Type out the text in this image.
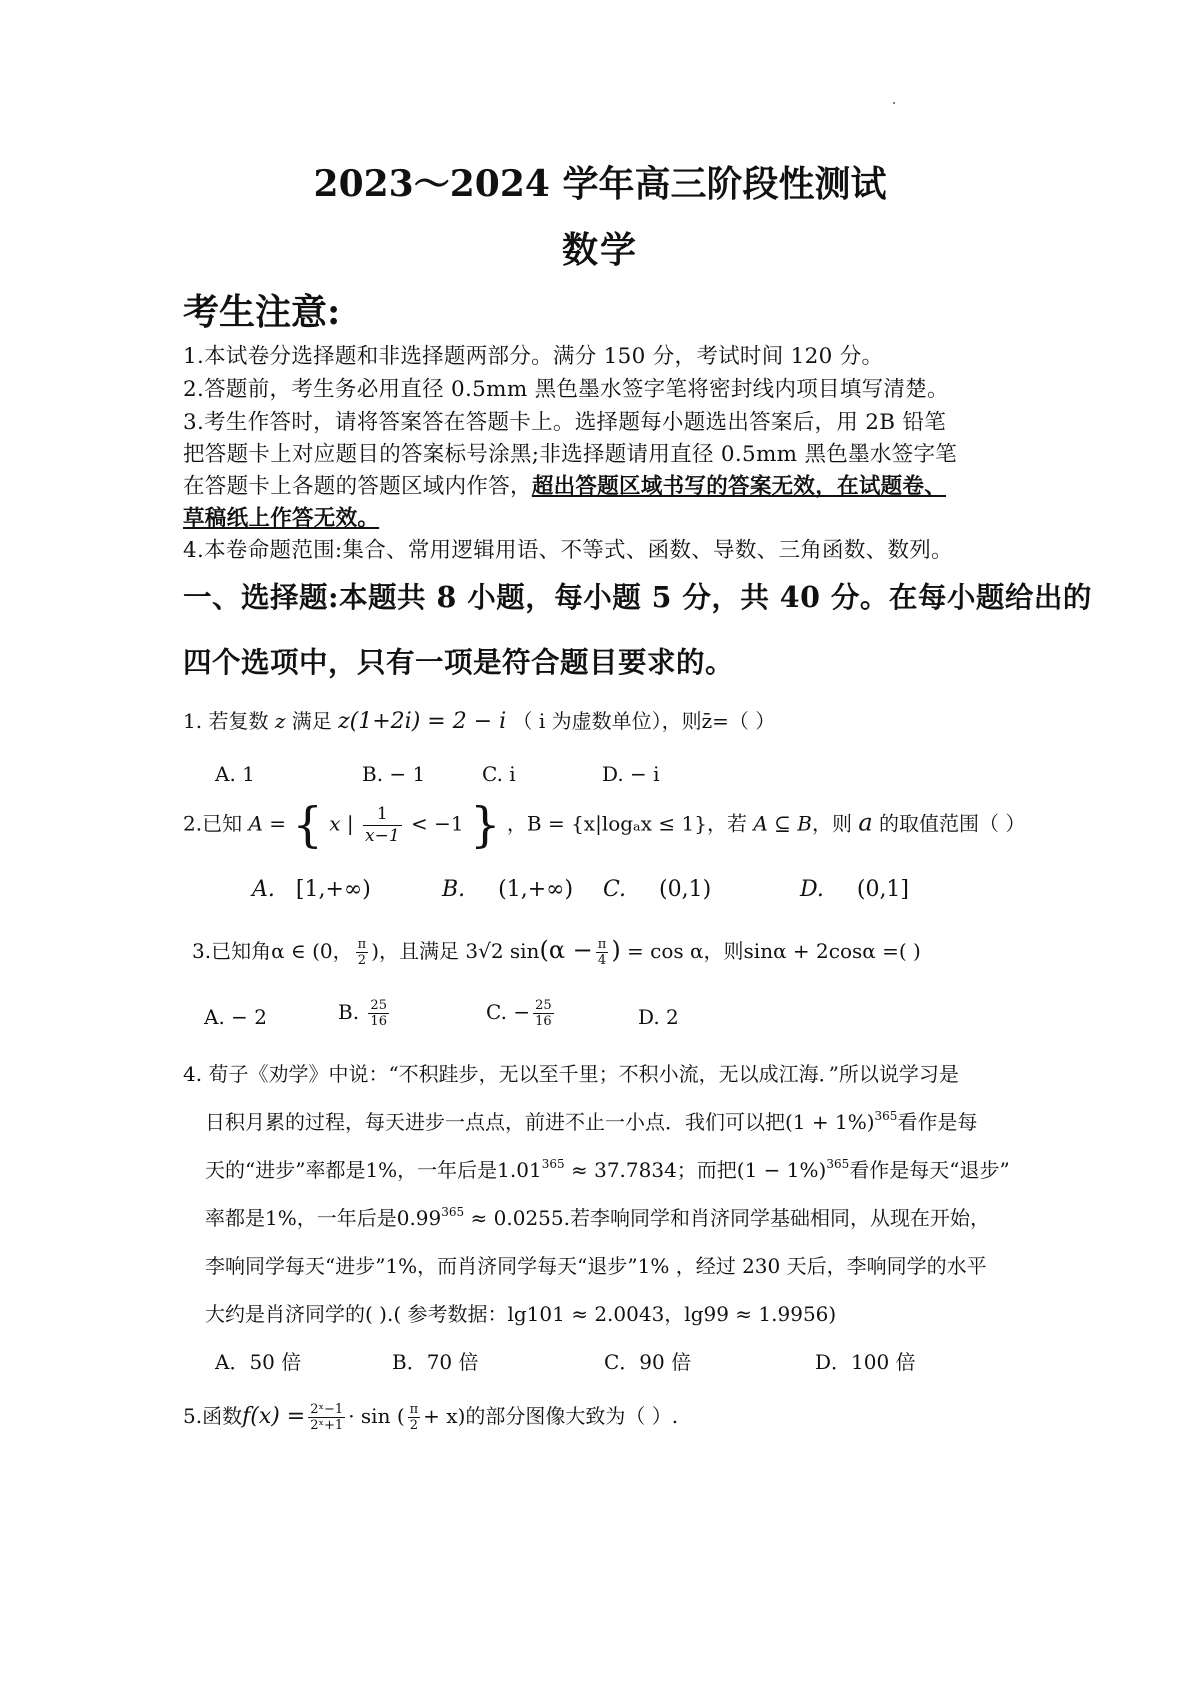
2023～2024 学年高三阶段性测试
数学
考生注意:
1.本试卷分选择题和非选择题两部分。满分 150 分，考试时间 120 分。
2.答题前，考生务必用直径 0.5mm 黑色墨水签字笔将密封线内项目填写清楚。
3.考生作答时，请将答案答在答题卡上。选择题每小题选出答案后，用 2B 铅笔
把答题卡上对应题目的答案标号涂黑;非选择题请用直径 0.5mm 黑色墨水签字笔
在答题卡上各题的答题区域内作答，超出答题区域书写的答案无效，在试题卷、
草稿纸上作答无效。
4.本卷命题范围:集合、常用逻辑用语、不等式、函数、导数、三角函数、数列。
一、选择题:本题共 8 小题，每小题 5 分，共 40 分。在每小题给出的
四个选项中，只有一项是符合题目要求的。
1. 若复数 z 满足 z(1+2i) = 2 − i （ i 为虚数单位），则z̄=（ ）
A. 1	B. − 1	C. i	D. − i
2.已知 A = { x | $\frac{1}{x-1} < -1$ } ，B = {x|logₐx ≤ 1}，若 A ⊆ B，则 a 的取值范围（ ）
A. [1,+∞)	B. (1,+∞) C. (0,1)	D. (0,1]
3.已知角α ∈ (0， $\frac{\pi}{2}$ )，且满足 3√2 $\sin(\alpha - \frac{\pi}{4}$ ) = cos α，则sinα + 2cosα =( )
A. − 2	B. $\frac{25}{16}$	C. − $\frac{25}{16}$	D. 2
4. 荀子《劝学》中说：“不积跬步，无以至千里；不积小流，无以成江海．”所以说学习是
日积月累的过程，每天进步一点点，前进不止一小点．我们可以把$(1 + 1\%)^{365}$看作是每
天的“进步”率都是1%，一年后是$1.01^{365} \approx 37.7834$；而把$(1 - 1\%)^{365}$看作是每天“退步”
率都是1%，一年后是$0.99^{365} \approx 0.0255$.若李响同学和肖济同学基础相同，从现在开始，
李响同学每天“进步”1%，而肖济同学每天“退步”1% ，经过 230 天后，李响同学的水平
大约是肖济同学的( ).( 参考数据：lg101 ≈ 2.0043，lg99 ≈ 1.9956)
A．50 倍	B．70 倍	C．90 倍	D．100 倍
5.函数$f(x) = \frac{\text{2ˣ−1}}{\text{2ˣ+1}} \cdot \sin$ ( $\frac{\pi}{2} + x$)的部分图像大致为（ ）.
